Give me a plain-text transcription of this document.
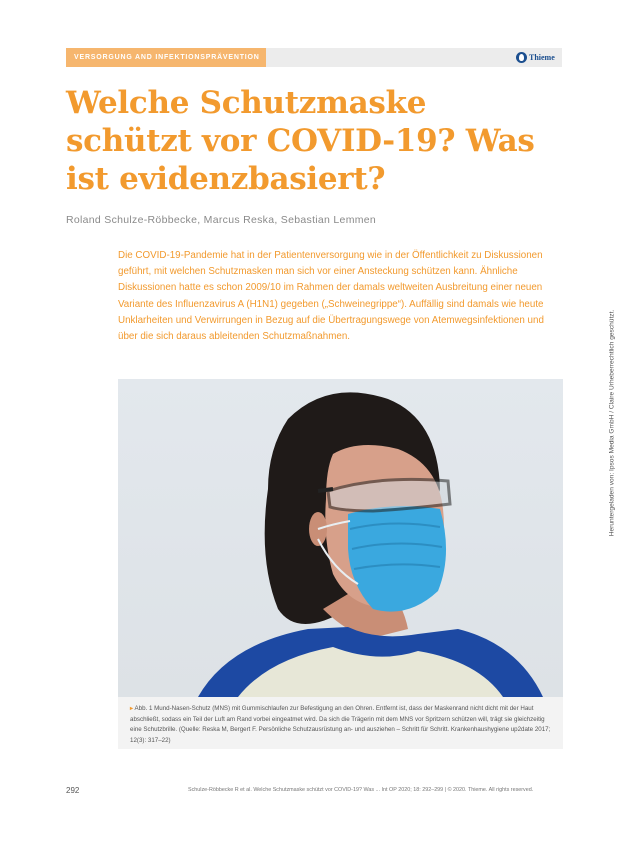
VERSORGUNG AND INFEKTIONSPRÄVENTION	Thieme
Welche Schutzmaske schützt vor COVID-19? Was ist evidenzbasiert?
Roland Schulze-Röbbecke, Marcus Reska, Sebastian Lemmen

Die COVID-19-Pandemie hat in der Patientenversorgung wie in der Öffentlichkeit zu Diskussionen geführt, mit welchen Schutzmasken man sich vor einer Ansteckung schützen kann. Ähnliche Diskussionen hatte es schon 2009/10 im Rahmen der damals weltweiten Ausbreitung einer neuen Variante des Influenzavirus A (H1N1) gegeben („Schweinegrippe“). Auffällig sind damals wie heute Unklarheiten und Verwirrungen in Bezug auf die Übertragungswege von Atemwegsinfektionen und über die sich daraus ableitenden Schutzmaßnahmen.

▸ Abb. 1 Mund-Nasen-Schutz (MNS) mit Gummischlaufen zur Befestigung an den Ohren. Entfernt ist, dass der Maskenrand nicht dicht mit der Haut abschließt, sodass ein Teil der Luft am Rand vorbei eingeatmet wird. Da sich die Trägerin mit dem MNS vor Spritzern schützen will, trägt sie gleichzeitig eine Schutzbrille. (Quelle: Reska M, Bergert F. Persönliche Schutzausrüstung an- und ausziehen – Schritt für Schritt. Krankenhaushygiene up2date 2017; 12(3): 317–22)

292	Schulze-Röbbecke R et al. Welche Schutzmaske schützt vor COVID-19? Was ... Int OP 2020; 18: 292–299 | © 2020. Thieme. All rights reserved.
Heruntergeladen von: Ipsos Media GmbH / Claire Urheberrechtlich geschützt.
